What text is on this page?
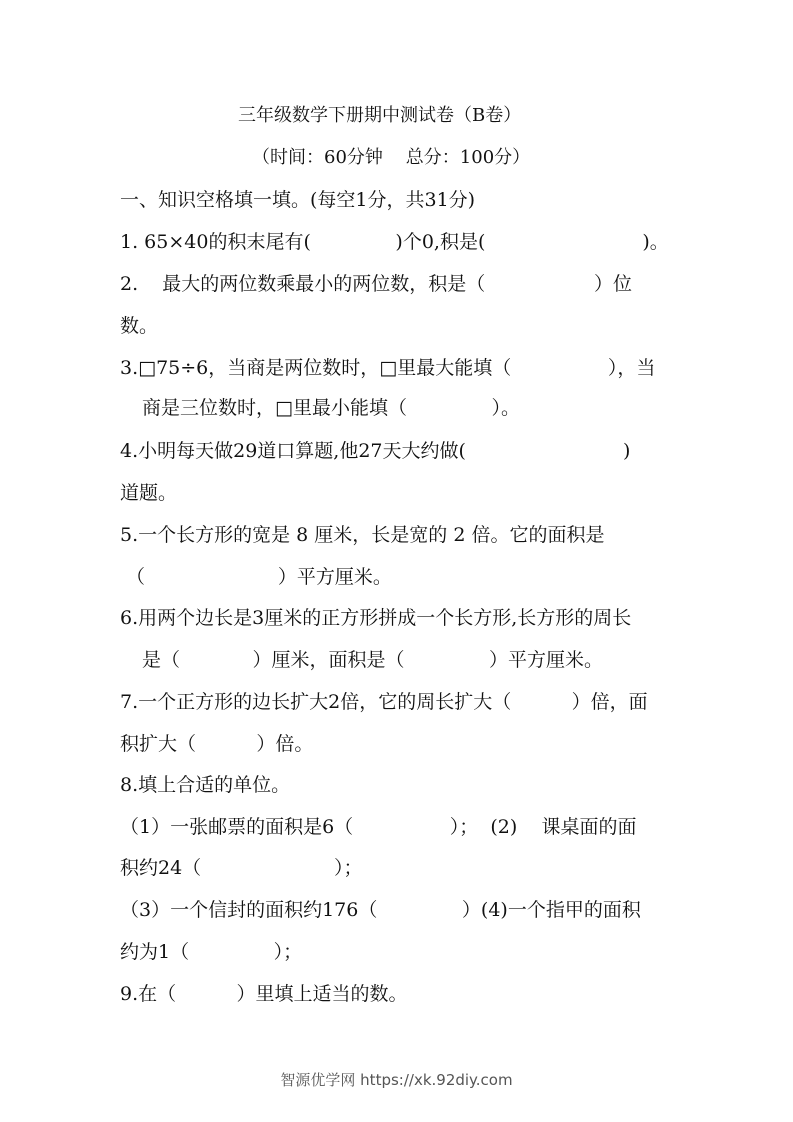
三年级数学下册期中测试卷（B卷）
（时间：60分钟    总分：100分）
一、知识空格填一填。(每空1分，共31分)
1. 65×40的积末尾有(              )个0,积是(                          )。
2.    最大的两位数乘最小的两位数，积是（                  ）位
数。
3.□75÷6，当商是两位数时，□里最大能填（                ），当
商是三位数时，□里最小能填（              ）。
4.小明每天做29道口算题,他27天大约做(                          )
道题。
5.一个长方形的宽是 8 厘米，长是宽的 2 倍。它的面积是
（                      ）平方厘米。
6.用两个边长是3厘米的正方形拼成一个长方形,长方形的周长
是（            ）厘米，面积是（              ）平方厘米。
7.一个正方形的边长扩大2倍，它的周长扩大（          ）倍，面
积扩大（          ）倍。
8.填上合适的单位。
（1）一张邮票的面积是6（                ）；  (2)    课桌面的面
积约24（                      ）；
（3）一个信封的面积约176（              ）(4)一个指甲的面积
约为1（              ）；
9.在（          ）里填上适当的数。
智源优学网 https://xk.92diy.com
